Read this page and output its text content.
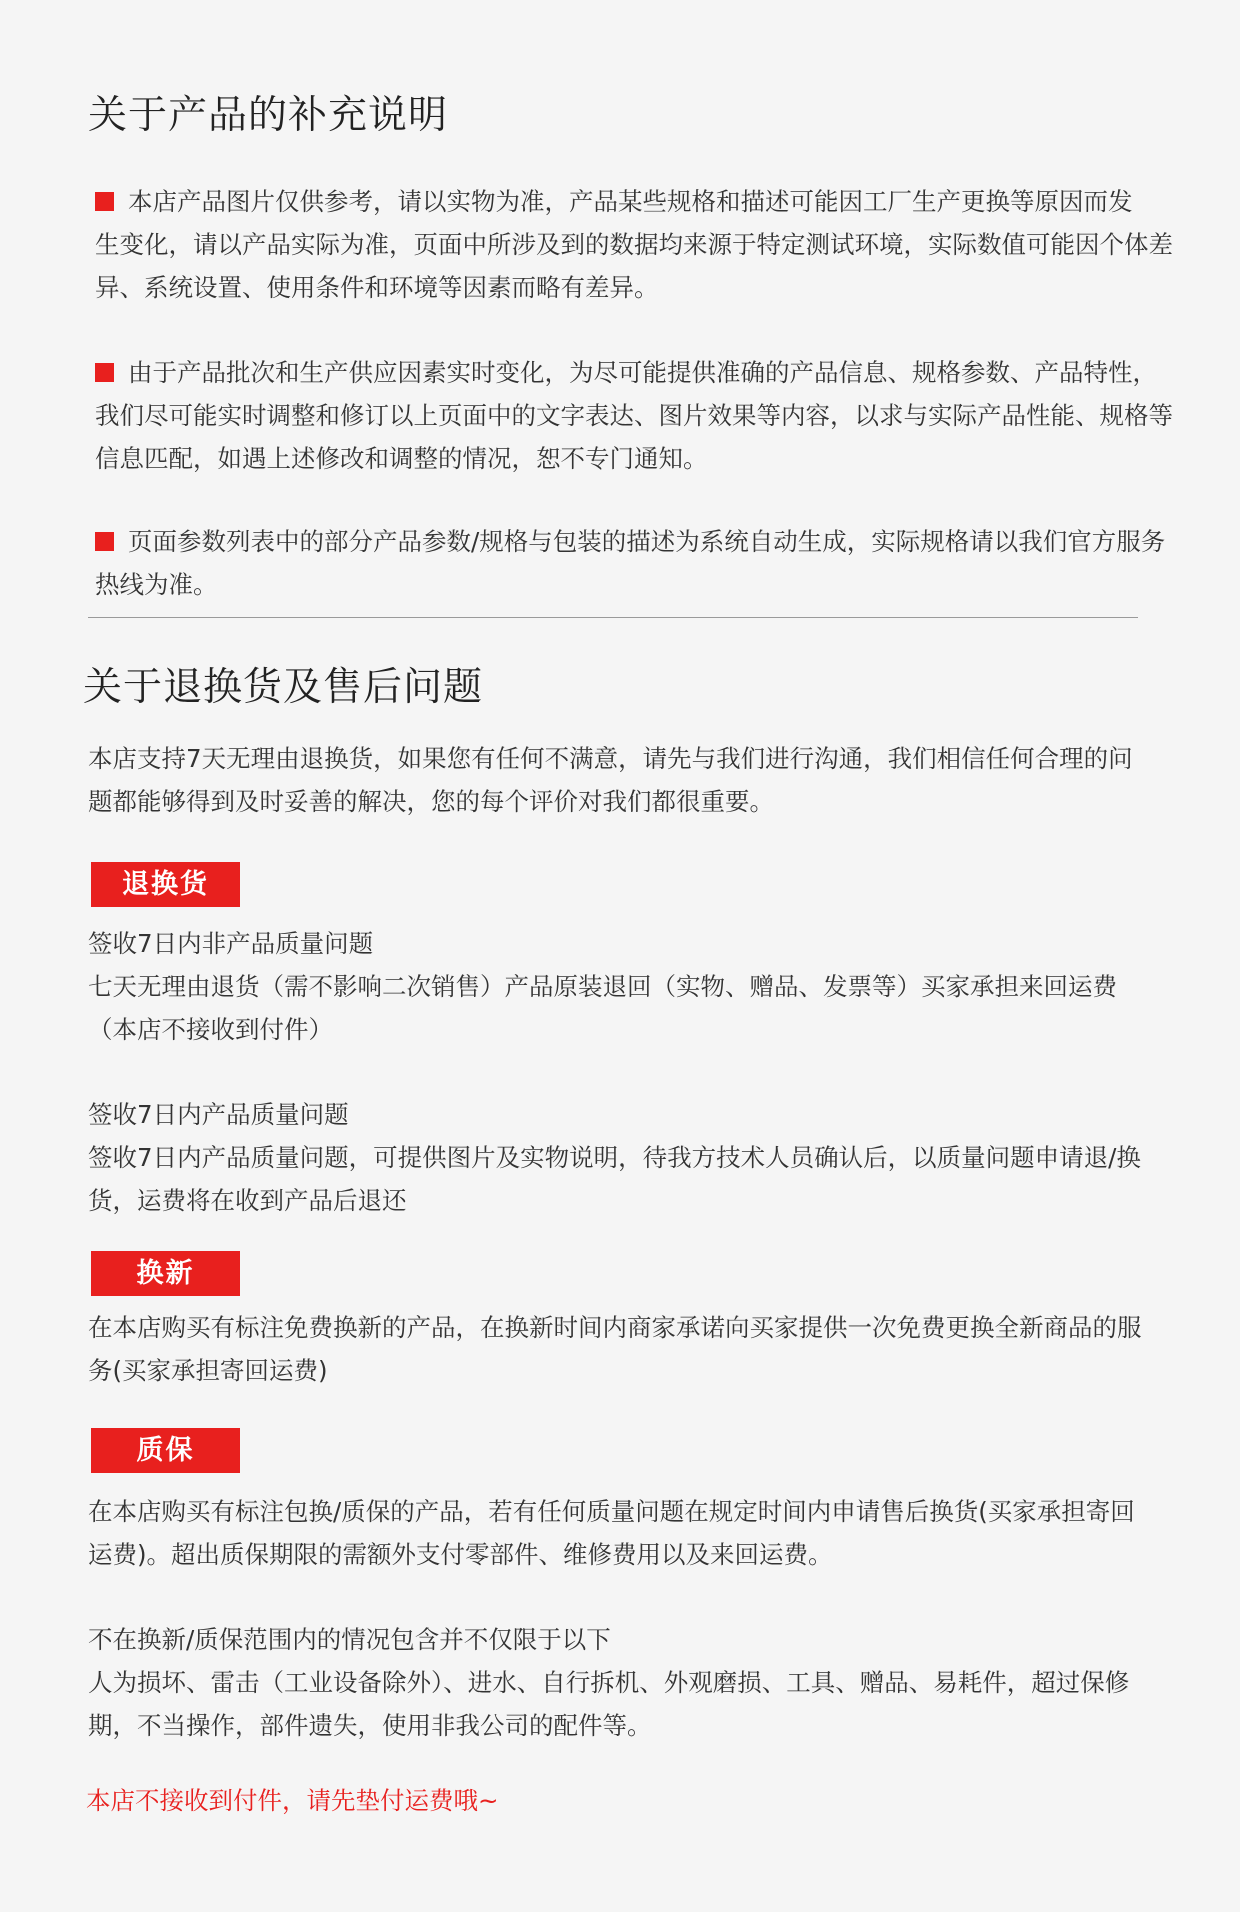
关于产品的补充说明
本店产品图片仅供参考，请以实物为准，产品某些规格和描述可能因工厂生产更换等原因而发
生变化，请以产品实际为准，页面中所涉及到的数据均来源于特定测试环境，实际数值可能因个体差异、系统设置、使用条件和环境等因素而略有差异。
由于产品批次和生产供应因素实时变化，为尽可能提供准确的产品信息、规格参数、产品特性，
我们尽可能实时调整和修订以上页面中的文字表达、图片效果等内容，以求与实际产品性能、规格等信息匹配，如遇上述修改和调整的情况，恕不专门通知。
页面参数列表中的部分产品参数/规格与包装的描述为系统自动生成，实际规格请以我们官方服务
热线为准。
关于退换货及售后问题
本店支持7天无理由退换货，如果您有任何不满意，请先与我们进行沟通，我们相信任何合理的问题都能够得到及时妥善的解决，您的每个评价对我们都很重要。
退换货
签收7日内非产品质量问题
七天无理由退货（需不影响二次销售）产品原装退回（实物、赠品、发票等）买家承担来回运费（本店不接收到付件）
签收7日内产品质量问题
签收7日内产品质量问题，可提供图片及实物说明，待我方技术人员确认后，以质量问题申请退/换货，运费将在收到产品后退还
换新
在本店购买有标注免费换新的产品，在换新时间内商家承诺向买家提供一次免费更换全新商品的服务(买家承担寄回运费)
质保
在本店购买有标注包换/质保的产品，若有任何质量问题在规定时间内申请售后换货(买家承担寄回运费)。超出质保期限的需额外支付零部件、维修费用以及来回运费。
不在换新/质保范围内的情况包含并不仅限于以下
人为损坏、雷击（工业设备除外）、进水、自行拆机、外观磨损、工具、赠品、易耗件，超过保修期，不当操作，部件遗失，使用非我公司的配件等。
本店不接收到付件，请先垫付运费哦~
